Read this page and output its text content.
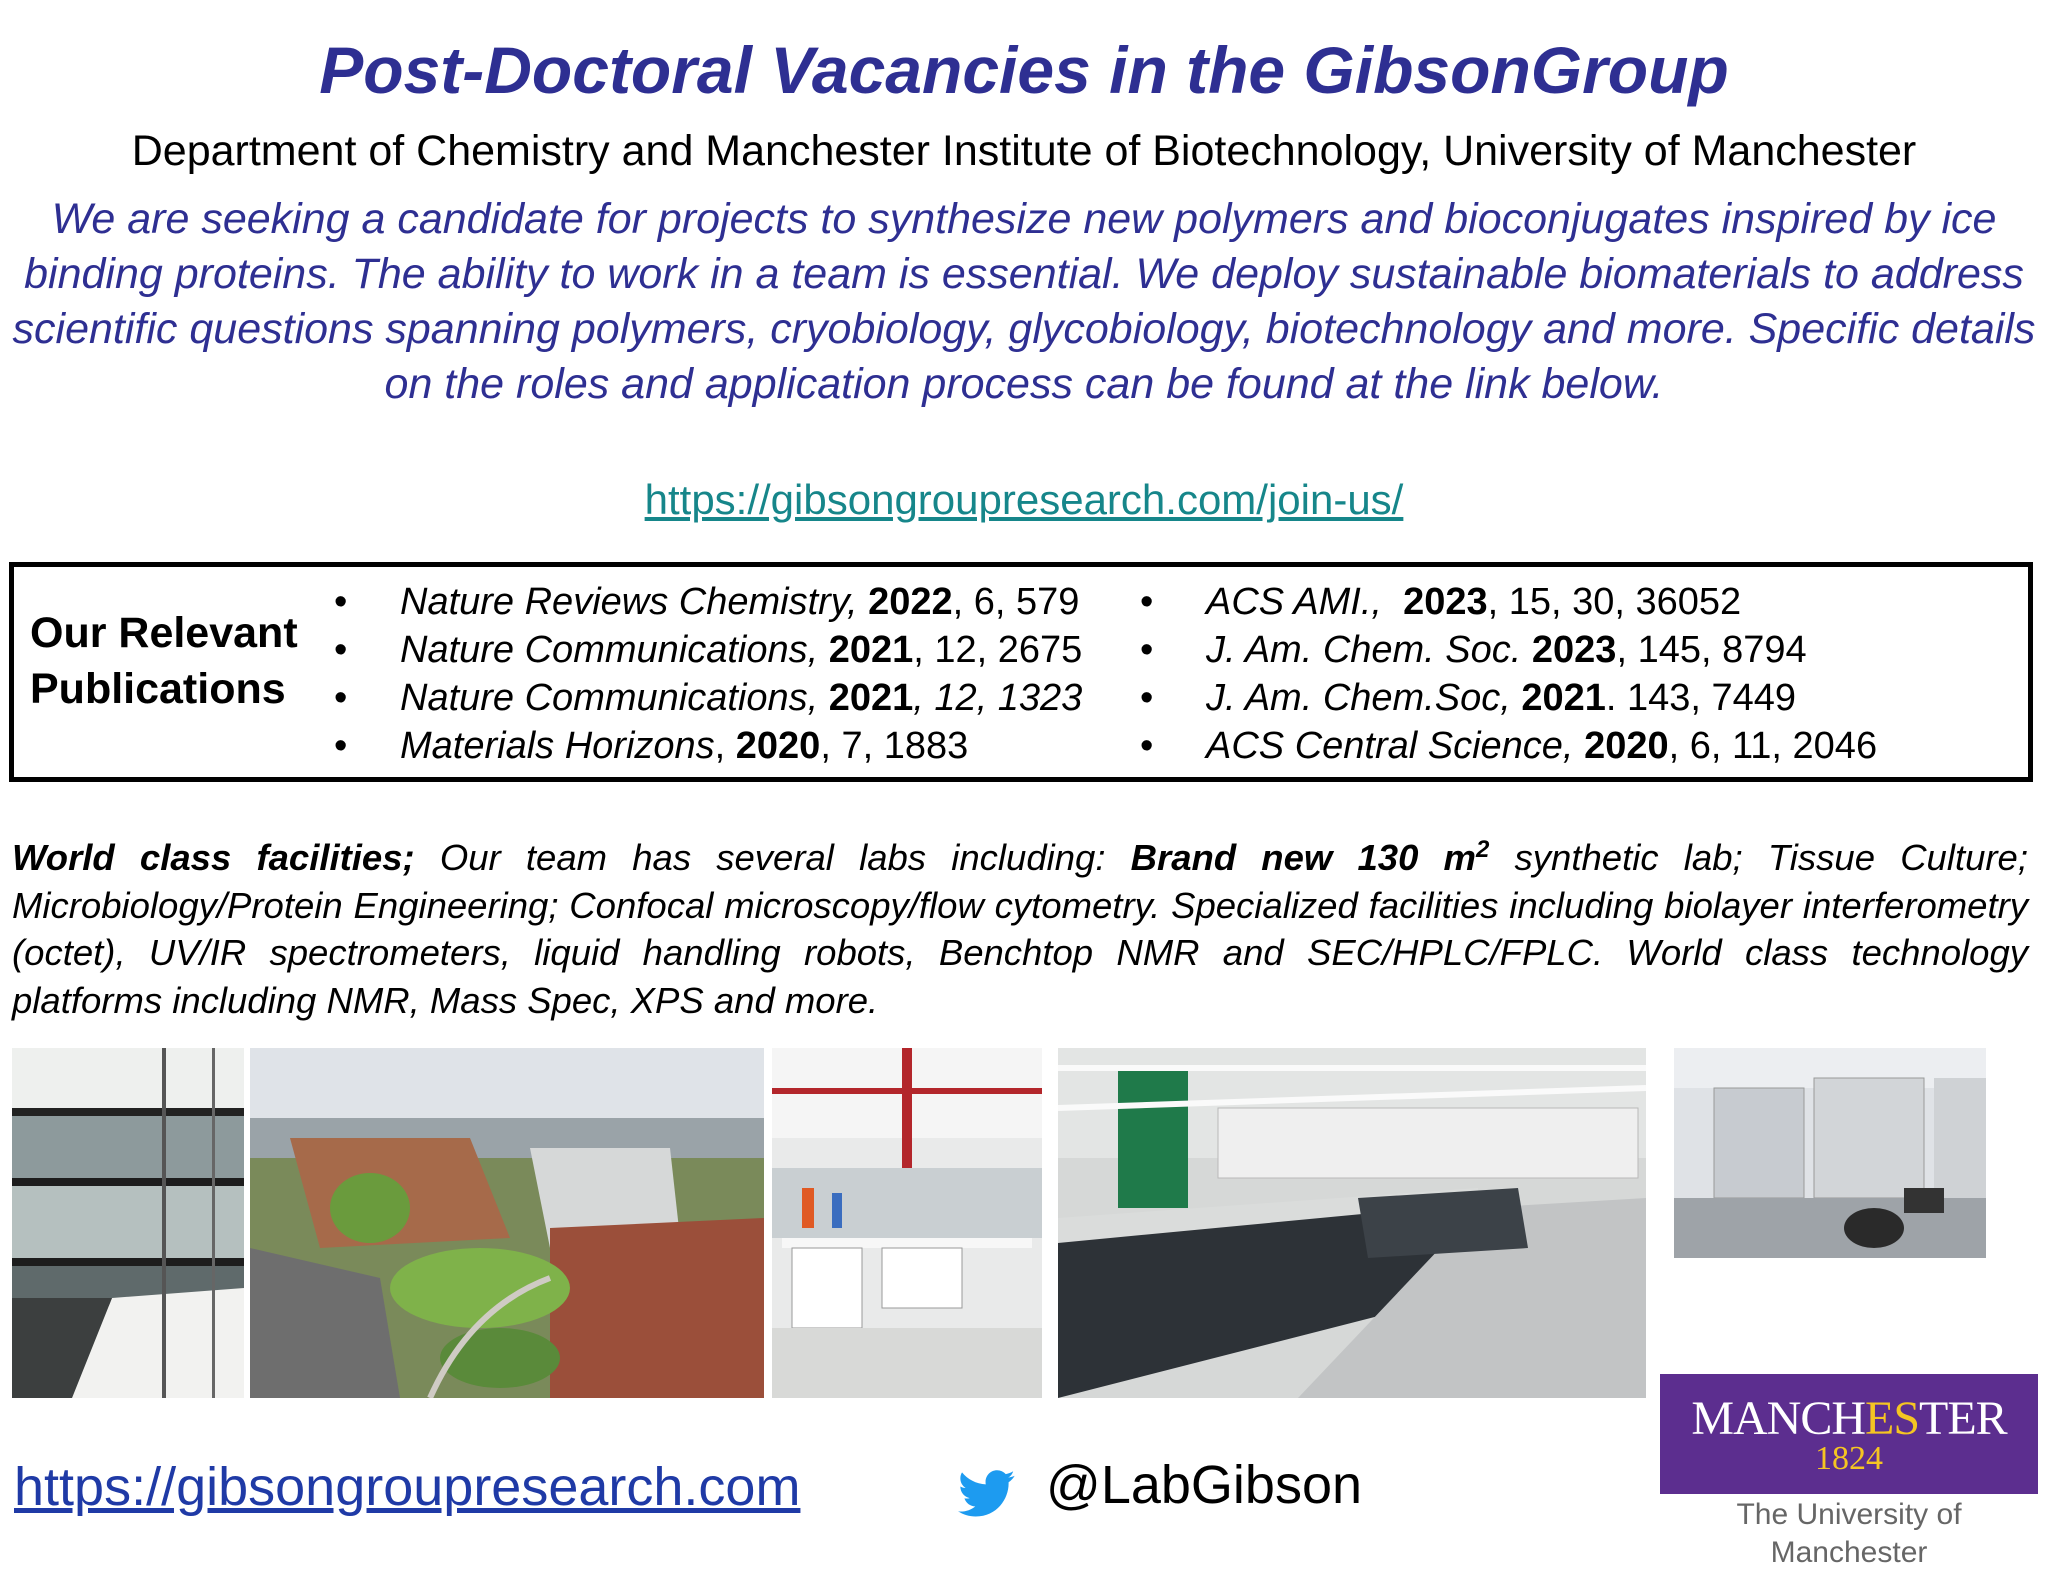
Post-Doctoral Vacancies in the GibsonGroup
Department of Chemistry and Manchester Institute of Biotechnology, University of Manchester
We are seeking a candidate for projects to synthesize new polymers and bioconjugates inspired by ice binding proteins. The ability to work in a team is essential. We deploy sustainable biomaterials to address scientific questions spanning polymers, cryobiology, glycobiology, biotechnology and more. Specific details on the roles and application process can be found at the link below.
https://gibsongroupresearch.com/join-us/
Our Relevant
Publications
• Nature Reviews Chemistry, 2022, 6, 579
• Nature Communications, 2021, 12, 2675
• Nature Communications, 2021, 12, 1323
• Materials Horizons, 2020, 7, 1883
• ACS AMI.,  2023, 15, 30, 36052
• J. Am. Chem. Soc. 2023, 145, 8794
• J. Am. Chem.Soc, 2021. 143, 7449
• ACS Central Science, 2020, 6, 11, 2046
World class facilities; Our team has several labs including: Brand new 130 $m^2$ synthetic lab; Tissue Culture; Microbiology/Protein Engineering; Confocal microscopy/flow cytometry. Specialized facilities including biolayer interferometry (octet), UV/IR spectrometers, liquid handling robots, Benchtop NMR and SEC/HPLC/FPLC. World class technology platforms including NMR, Mass Spec, XPS and more.
https://gibsongroupresearch.com	@LabGibson
MANCHESTER
1824
The University of Manchester
